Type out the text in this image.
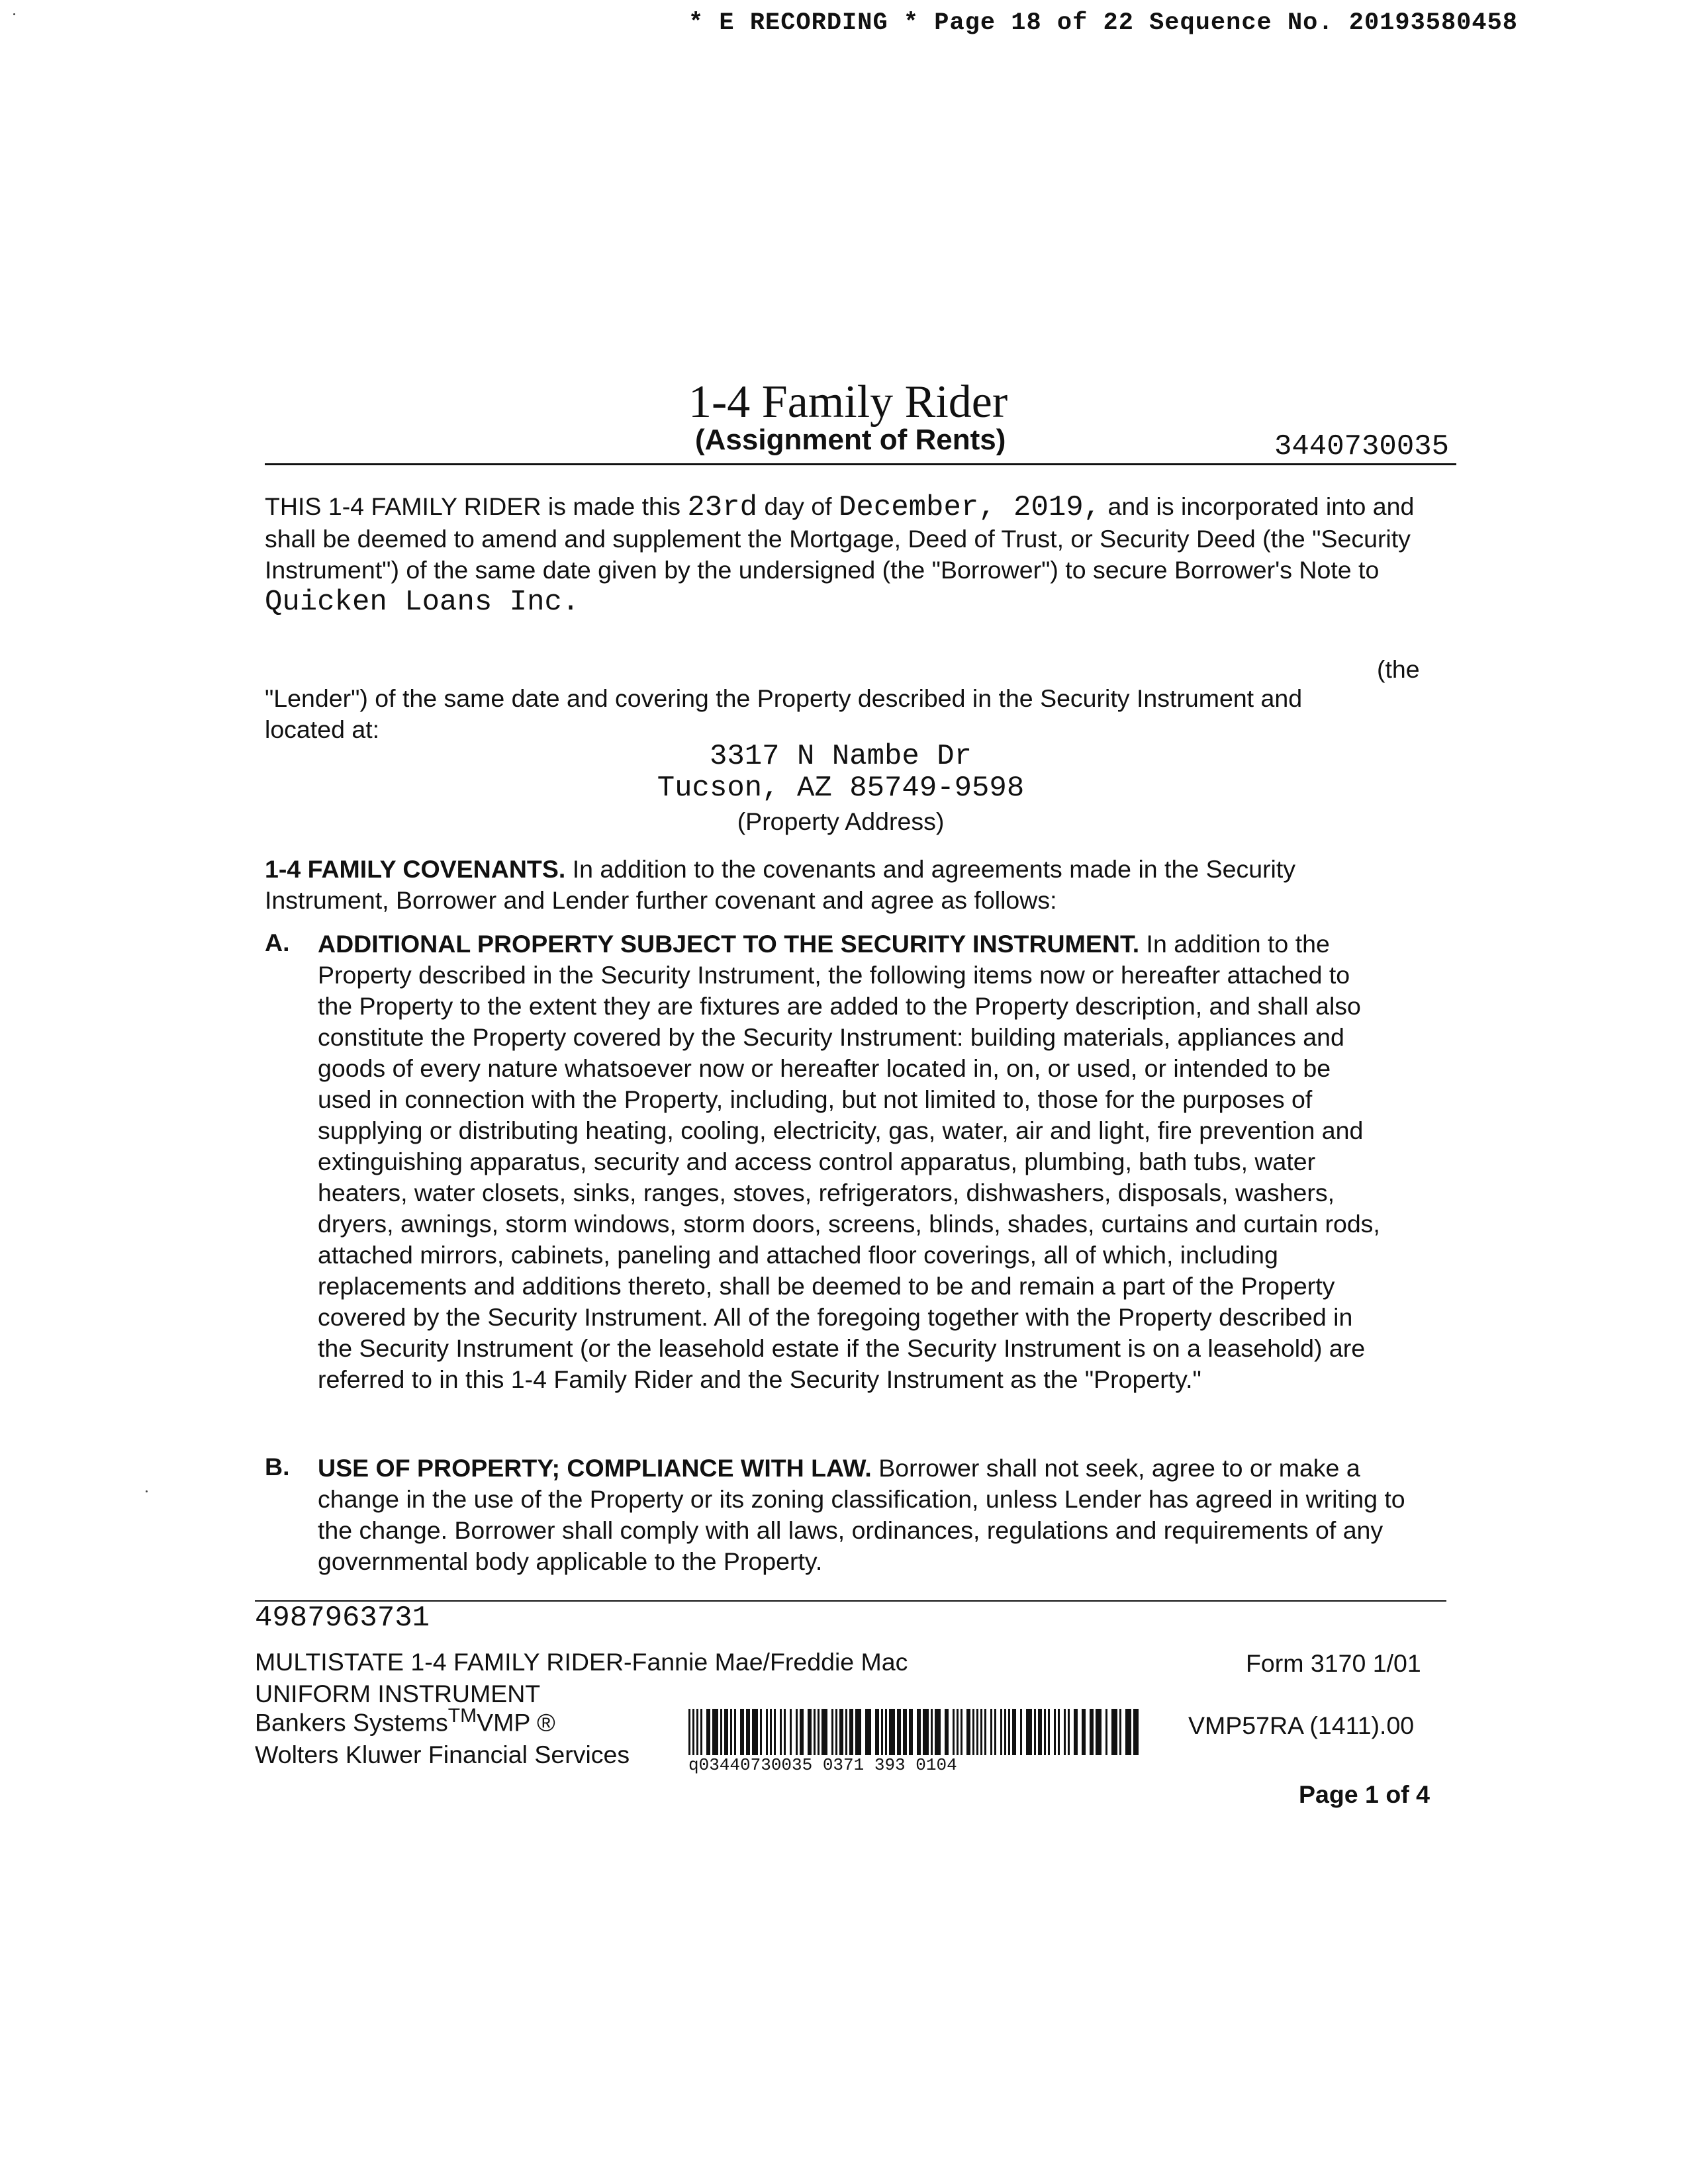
* E RECORDING * Page 18 of 22 Sequence No. 20193580458
1-4 Family Rider
(Assignment of Rents)	3440730035
THIS 1-4 FAMILY RIDER is made this 23rd day of December, 2019, and is incorporated into and shall be deemed to amend and supplement the Mortgage, Deed of Trust, or Security Deed (the "Security Instrument") of the same date given by the undersigned (the "Borrower") to secure Borrower's Note to Quicken Loans Inc.
(the
"Lender") of the same date and covering the Property described in the Security Instrument and located at:
3317 N Nambe Dr
Tucson, AZ 85749-9598
(Property Address)
1-4 FAMILY COVENANTS. In addition to the covenants and agreements made in the Security Instrument, Borrower and Lender further covenant and agree as follows:
A. ADDITIONAL PROPERTY SUBJECT TO THE SECURITY INSTRUMENT. In addition to the Property described in the Security Instrument, the following items now or hereafter attached to the Property to the extent they are fixtures are added to the Property description, and shall also constitute the Property covered by the Security Instrument: building materials, appliances and goods of every nature whatsoever now or hereafter located in, on, or used, or intended to be used in connection with the Property, including, but not limited to, those for the purposes of supplying or distributing heating, cooling, electricity, gas, water, air and light, fire prevention and extinguishing apparatus, security and access control apparatus, plumbing, bath tubs, water heaters, water closets, sinks, ranges, stoves, refrigerators, dishwashers, disposals, washers, dryers, awnings, storm windows, storm doors, screens, blinds, shades, curtains and curtain rods, attached mirrors, cabinets, paneling and attached floor coverings, all of which, including replacements and additions thereto, shall be deemed to be and remain a part of the Property covered by the Security Instrument. All of the foregoing together with the Property described in the Security Instrument (or the leasehold estate if the Security Instrument is on a leasehold) are referred to in this 1-4 Family Rider and the Security Instrument as the "Property."
B. USE OF PROPERTY; COMPLIANCE WITH LAW. Borrower shall not seek, agree to or make a change in the use of the Property or its zoning classification, unless Lender has agreed in writing to the change. Borrower shall comply with all laws, ordinances, regulations and requirements of any governmental body applicable to the Property.
4987963731
MULTISTATE 1-4 FAMILY RIDER-Fannie Mae/Freddie Mac
UNIFORM INSTRUMENT
Bankers Systems™VMP ®
Wolters Kluwer Financial Services
Form 3170 1/01
VMP57RA (1411).00
Page 1 of 4
q03440730035 0371 393 0104
